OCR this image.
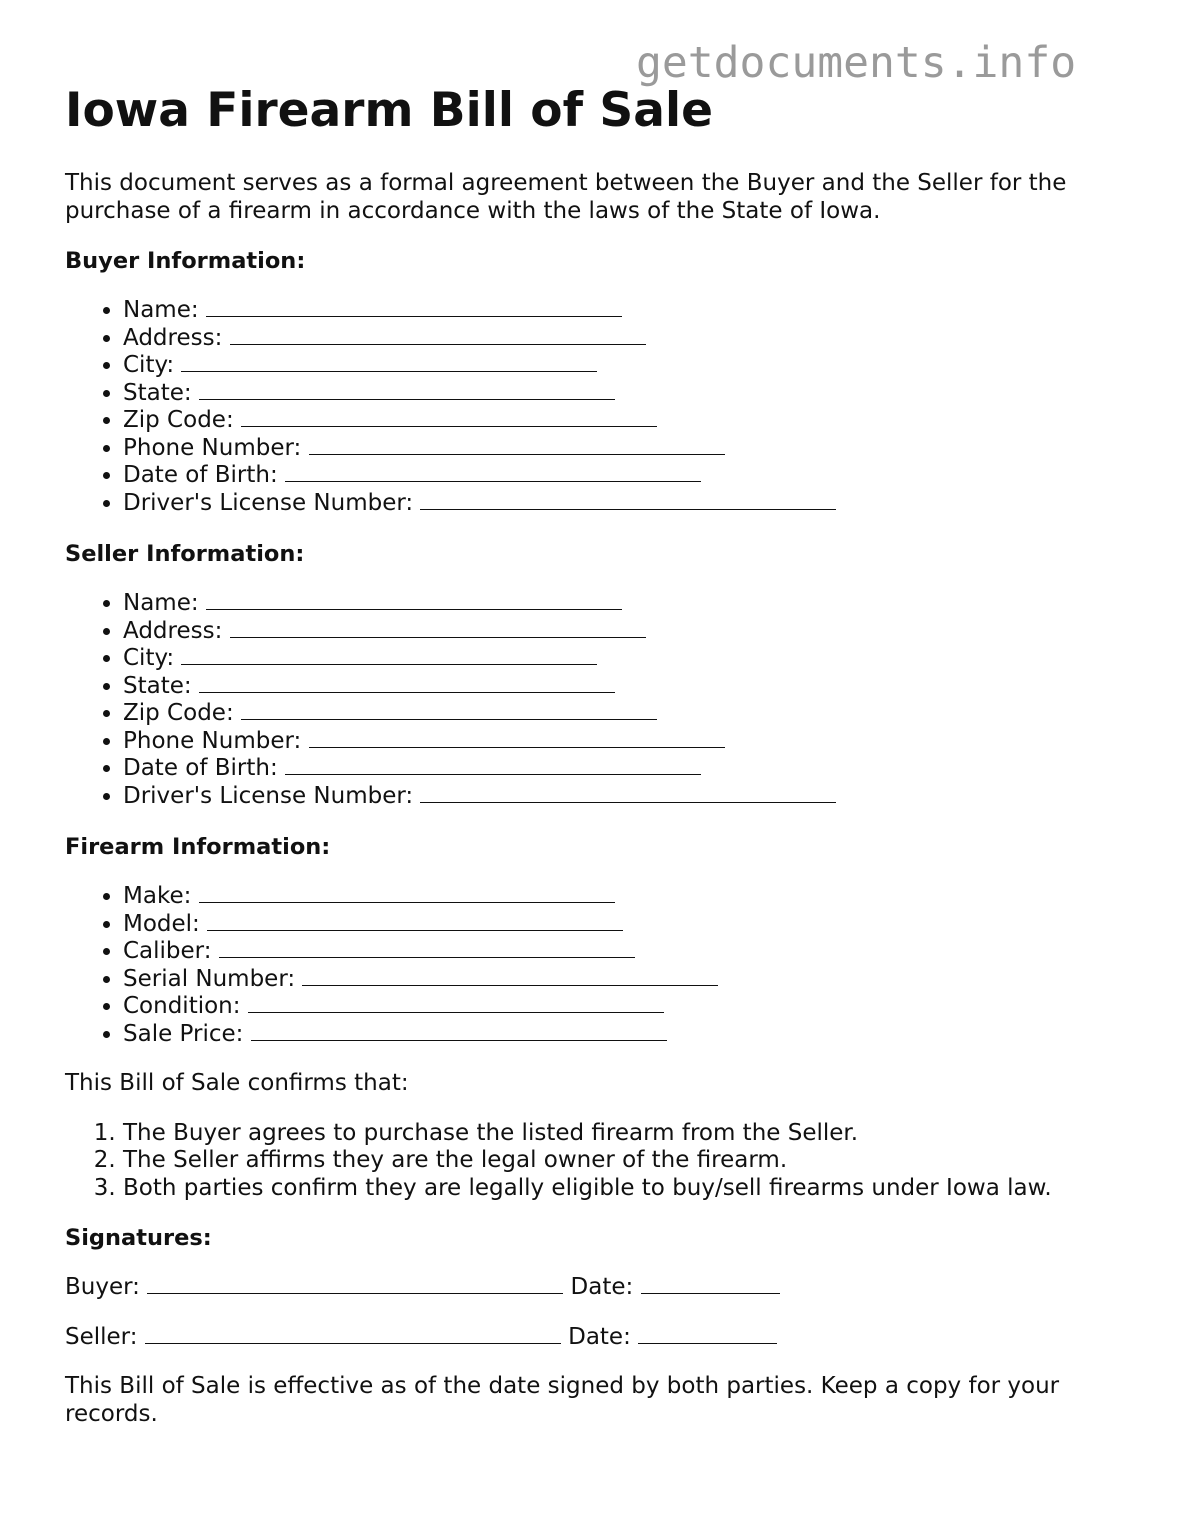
getdocuments.info
Iowa Firearm Bill of Sale

This document serves as a formal agreement between the Buyer and the Seller for the purchase of a firearm in accordance with the laws of the State of Iowa.

Buyer Information:

• Name:
• Address:
• City:
• State:
• Zip Code:
• Phone Number:
• Date of Birth:
• Driver's License Number:

Seller Information:

• Name:
• Address:
• City:
• State:
• Zip Code:
• Phone Number:
• Date of Birth:
• Driver's License Number:

Firearm Information:

• Make:
• Model:
• Caliber:
• Serial Number:
• Condition:
• Sale Price:

This Bill of Sale confirms that:

1. The Buyer agrees to purchase the listed firearm from the Seller.
2. The Seller affirms they are the legal owner of the firearm.
3. Both parties confirm they are legally eligible to buy/sell firearms under Iowa law.

Signatures:

Buyer:	Date:

Seller:	Date:

This Bill of Sale is effective as of the date signed by both parties. Keep a copy for your records.
